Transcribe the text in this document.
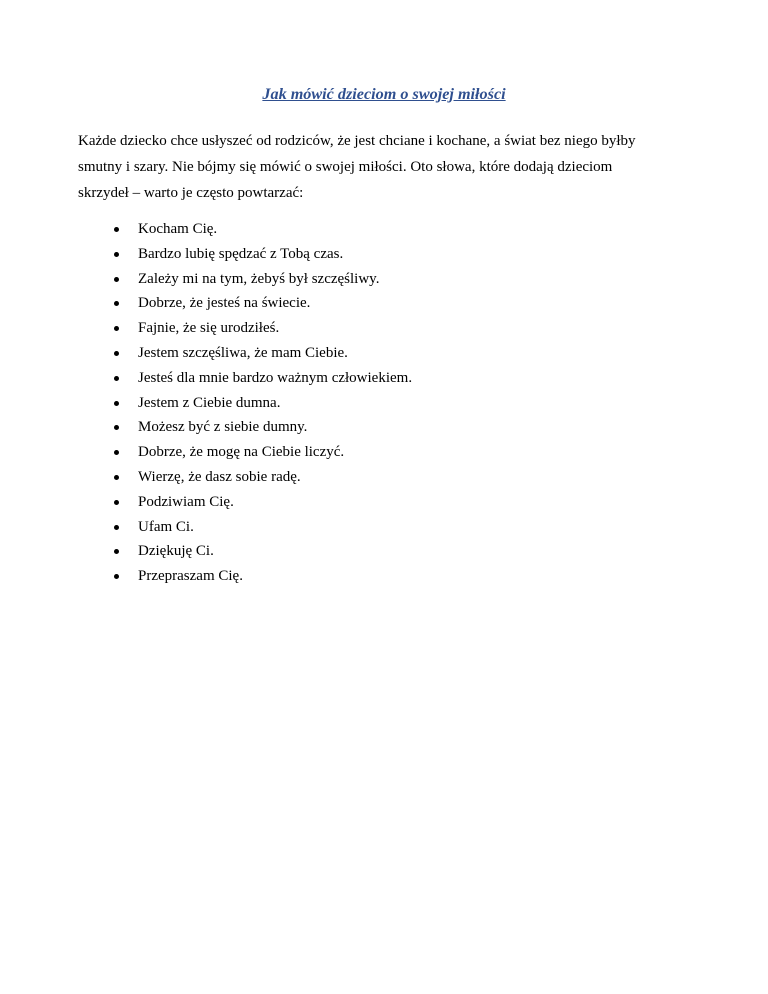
Jak mówić dzieciom o swojej miłości

Każde dziecko chce usłyszeć od rodziców, że jest chciane i kochane, a świat bez niego byłby
smutny i szary. Nie bójmy się mówić o swojej miłości. Oto słowa, które dodają dzieciom
skrzydeł – warto je często powtarzać:

Kocham Cię.
Bardzo lubię spędzać z Tobą czas.
Zależy mi na tym, żebyś był szczęśliwy.
Dobrze, że jesteś na świecie.
Fajnie, że się urodziłeś.
Jestem szczęśliwa, że mam Ciebie.
Jesteś dla mnie bardzo ważnym człowiekiem.
Jestem z Ciebie dumna.
Możesz być z siebie dumny.
Dobrze, że mogę na Ciebie liczyć.
Wierzę, że dasz sobie radę.
Podziwiam Cię.
Ufam Ci.
Dziękuję Ci.
Przepraszam Cię.
